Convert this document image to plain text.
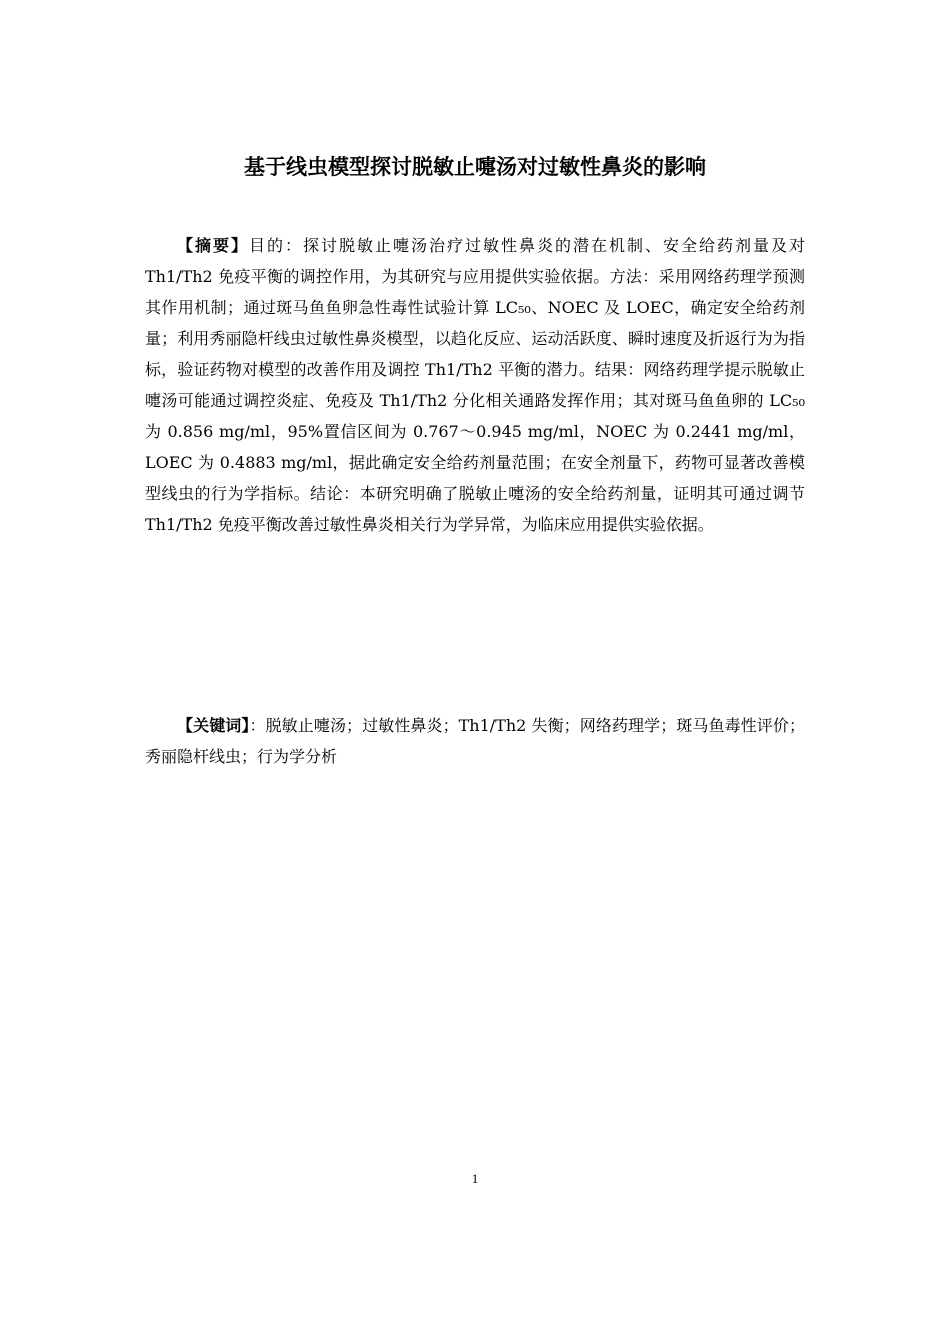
基于线虫模型探讨脱敏止嚏汤对过敏性鼻炎的影响

【摘要】目的：探讨脱敏止嚏汤治疗过敏性鼻炎的潜在机制、安全给药剂量及对 Th1/Th2 免疫平衡的调控作用，为其研究与应用提供实验依据。方法：采用网络药理学预测其作用机制；通过斑马鱼鱼卵急性毒性试验计算 LC₅₀、NOEC 及 LOEC，确定安全给药剂量；利用秀丽隐杆线虫过敏性鼻炎模型，以趋化反应、运动活跃度、瞬时速度及折返行为为指标，验证药物对模型的改善作用及调控 Th1/Th2 平衡的潜力。结果：网络药理学提示脱敏止嚏汤可能通过调控炎症、免疫及 Th1/Th2 分化相关通路发挥作用；其对斑马鱼鱼卵的 LC₅₀ 为 0.856 mg/ml，95%置信区间为 0.767～0.945 mg/ml，NOEC 为 0.2441 mg/ml，LOEC 为 0.4883 mg/ml，据此确定安全给药剂量范围；在安全剂量下，药物可显著改善模型线虫的行为学指标。结论：本研究明确了脱敏止嚏汤的安全给药剂量，证明其可通过调节 Th1/Th2 免疫平衡改善过敏性鼻炎相关行为学异常，为临床应用提供实验依据。

【关键词】：脱敏止嚏汤；过敏性鼻炎；Th1/Th2 失衡；网络药理学；斑马鱼毒性评价；秀丽隐杆线虫；行为学分析

1
